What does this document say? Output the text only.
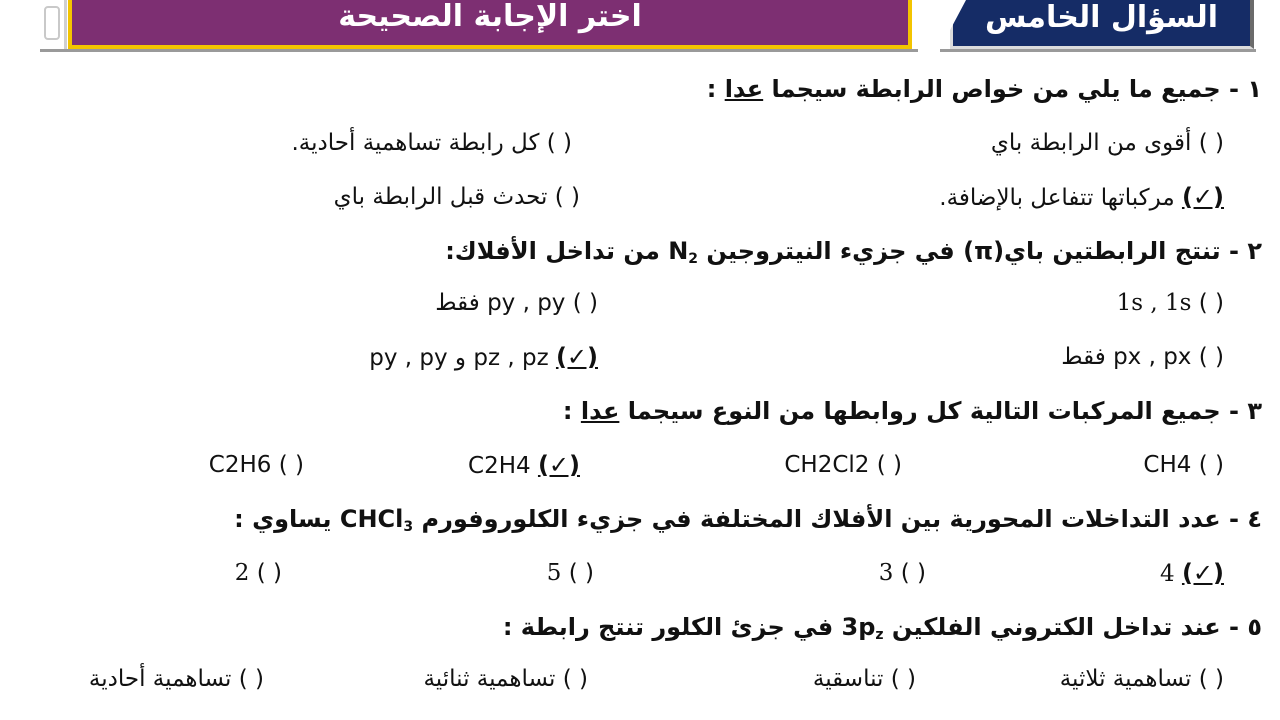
اختر الإجابة الصحيحة	السؤال الخامس
١ - جميع ما يلي من خواص الرابطة سيجما عدا :
( ) أقوى من الرابطة باي
( ) كل رابطة تساهمية أحادية.
(✓) مركباتها تتفاعل بالإضافة.
( ) تحدث قبل الرابطة باي
٢ - تنتج الرابطتين باي(π) في جزيء النيتروجين $N_2$ من تداخل الأفلاك:
( ) 1s , 1s
( ) py , py فقط
( ) px , px فقط
(✓) pz , pz و py , py
٣ - جميع المركبات التالية كل روابطها من النوع سيجما عدا :
( ) CH4
( ) CH2Cl2
(✓) C2H4
( ) C2H6
٤ - عدد التداخلات المحورية بين الأفلاك المختلفة في جزيء الكلوروفورم CHCl$_3$ يساوي :
(✓) 4
( ) 3
( ) 5
( ) 2
٥ - عند تداخل الكتروني الفلكين $3p_z$ في جزئ الكلور تنتج رابطة :
( ) تساهمية ثلاثية
( ) تناسقية
( ) تساهمية ثنائية
( ) تساهمية أحادية
